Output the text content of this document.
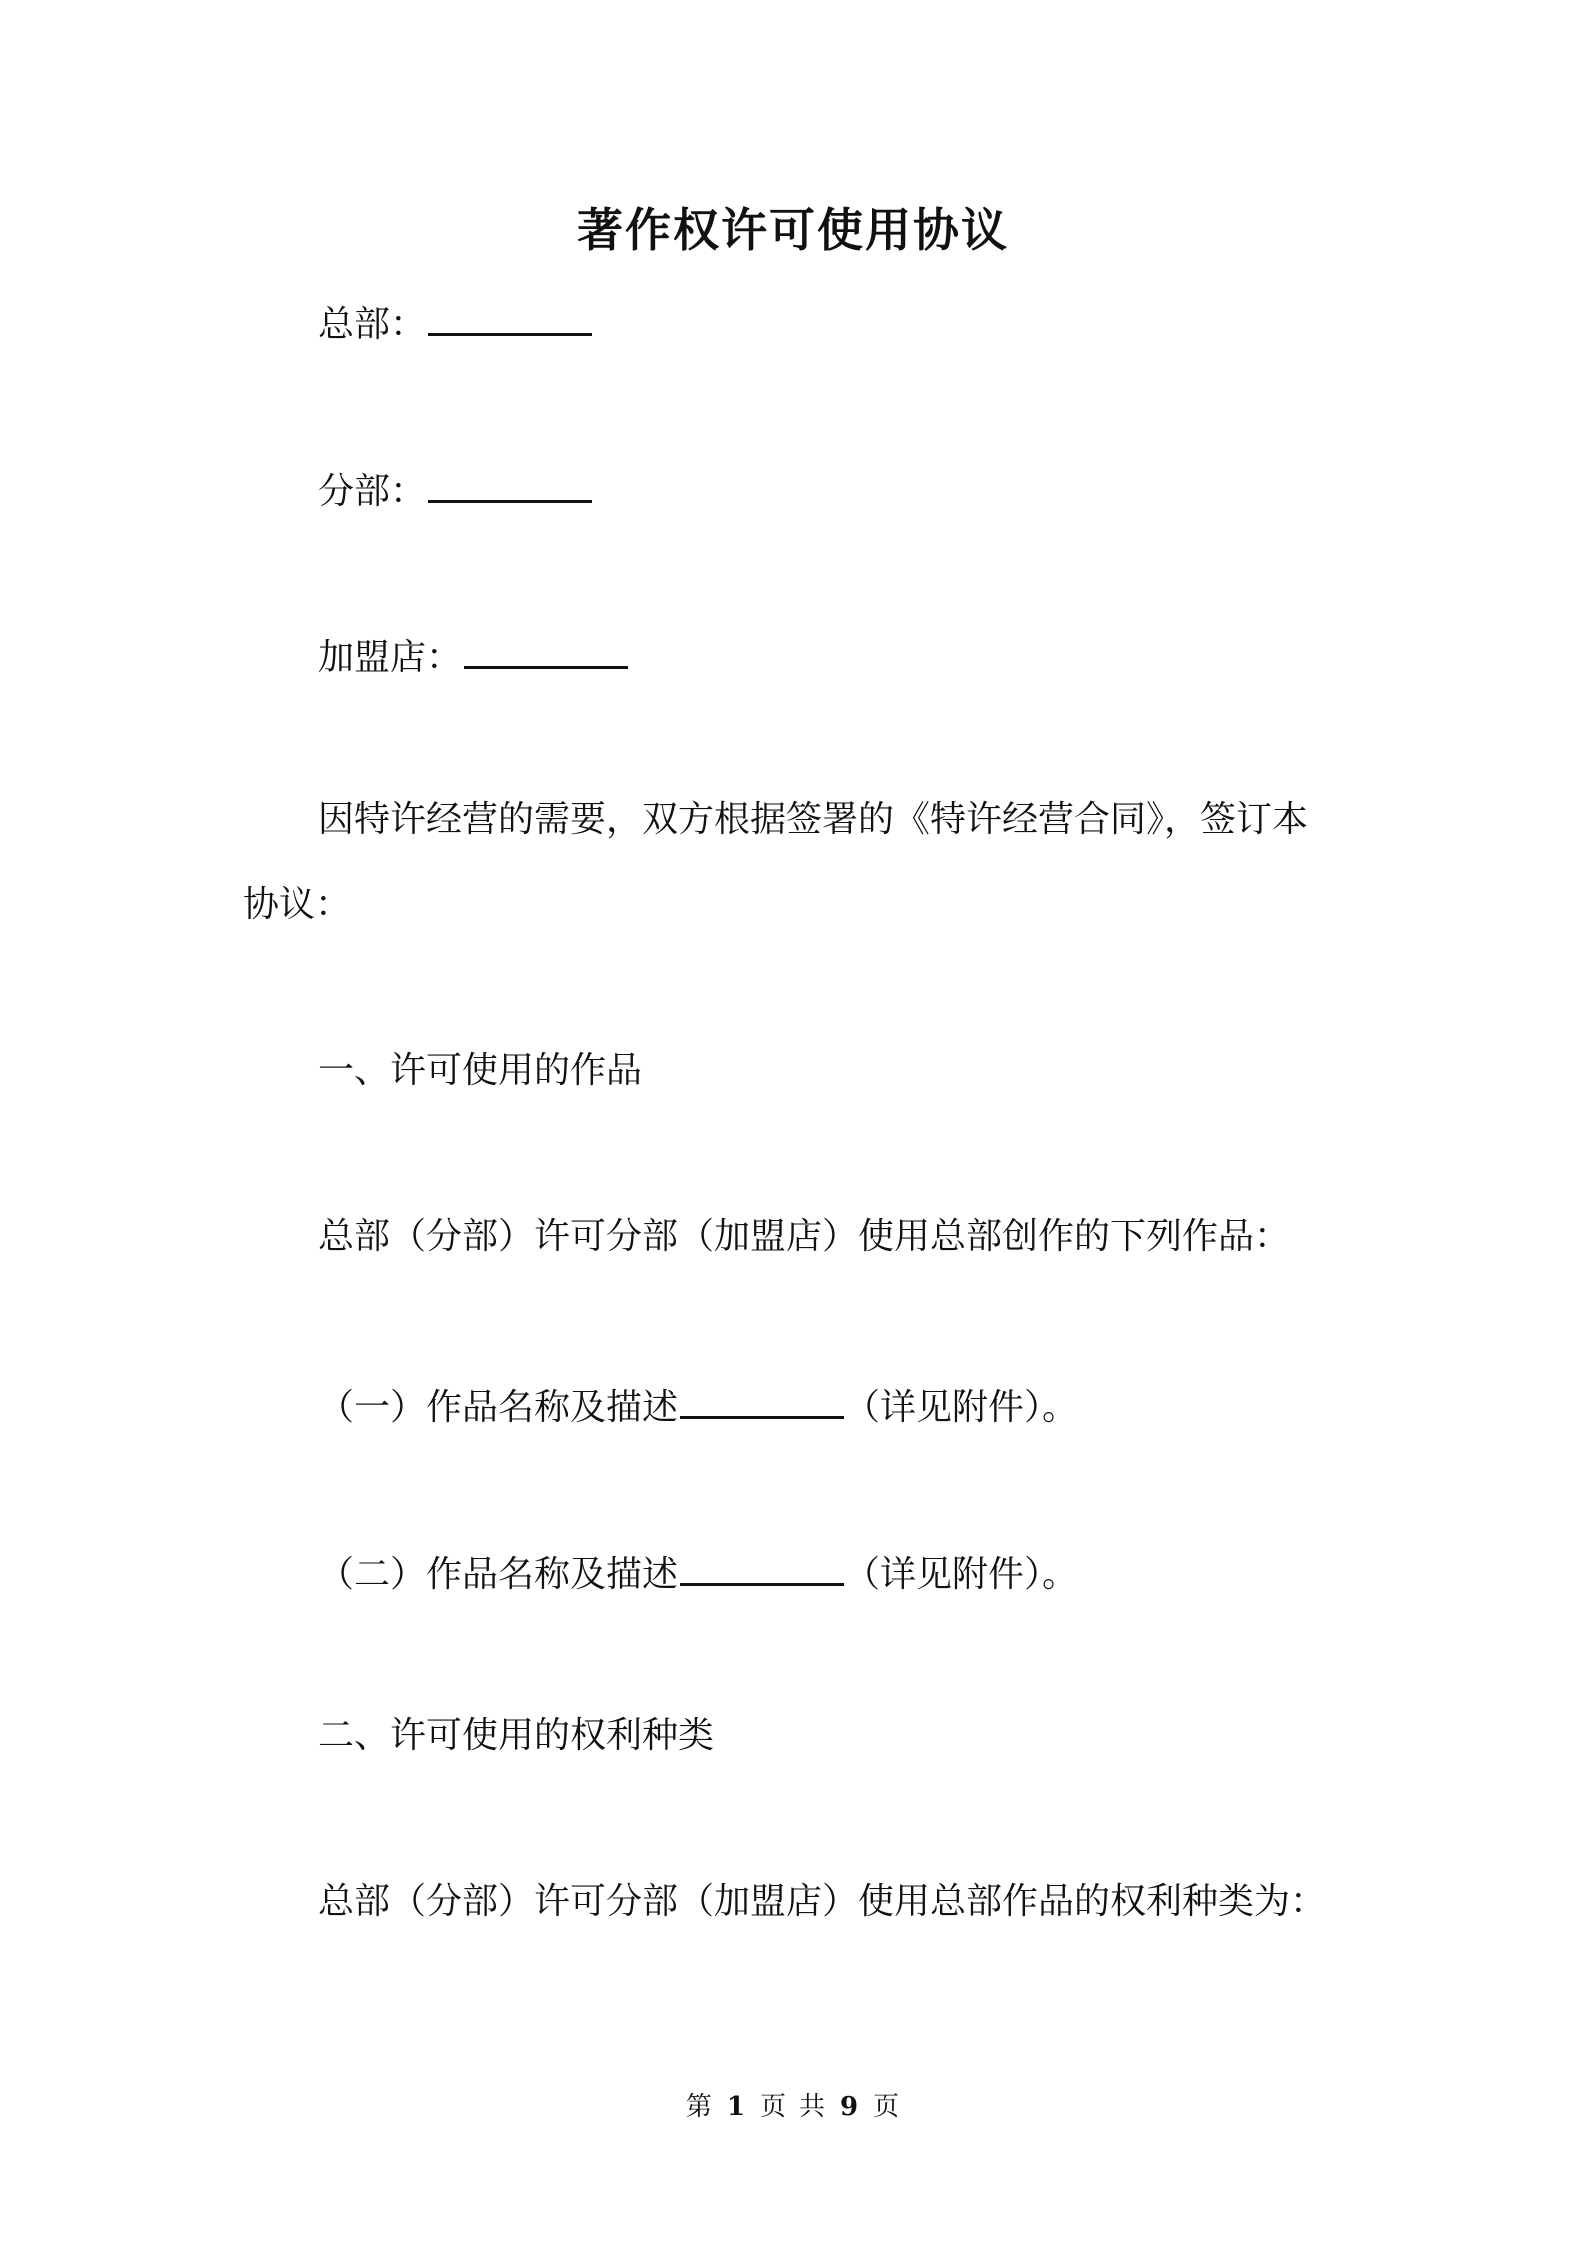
著作权许可使用协议
总部：
分部：
加盟店：
因特许经营的需要，双方根据签署的《特许经营合同》，签订本
协议：
一、许可使用的作品
总部（分部）许可分部（加盟店）使用总部创作的下列作品：
（一）作品名称及描述	（详见附件）。
（二）作品名称及描述	（详见附件）。
二、许可使用的权利种类
总部（分部）许可分部（加盟店）使用总部作品的权利种类为：
第 1 页 共 9 页
